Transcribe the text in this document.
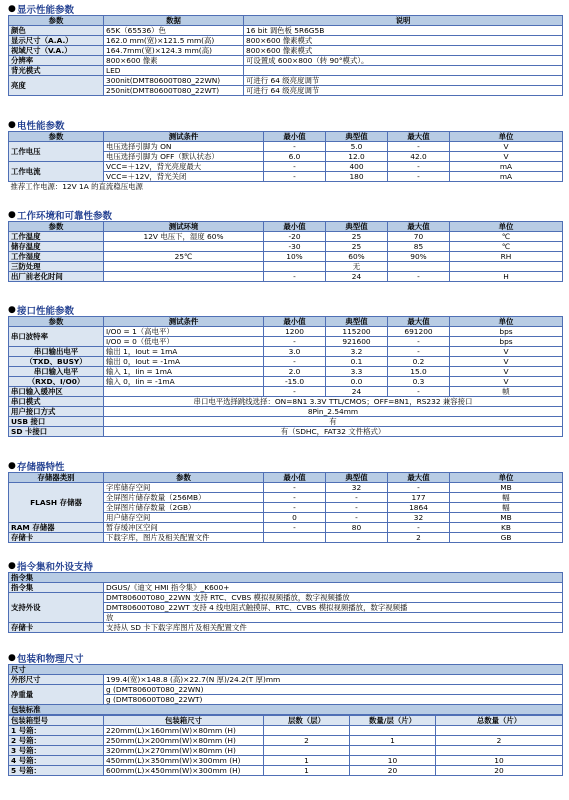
● 显示性能参数
参数	数据	说明
颜色	65K（65536）色	16 bit 调色板 5R6G5B
显示尺寸（A.A.）	162.0 mm(宽)×121.5 mm(高)	800×600 像素模式
视域尺寸（V.A.）	164.7mm(宽)×124.3 mm(高)	800×600 像素模式
分辨率	800×600 像素	可设置成 600×800（转 90°模式）。
背光模式	LED	
亮度	300nit(DMT80600T080_22WN)	可进行 64 级亮度调节
	250nit(DMT80600T080_22WT)	可进行 64 级亮度调节
● 电性能参数
参数	测试条件	最小值	典型值	最大值	单位
工作电压	电压选择引脚为 ON	-	5.0	-	V
	电压选择引脚为 OFF（默认状态）	6.0	12.0	42.0	V
工作电流	VCC=＋12V，背光亮度最大	-	400	-	mA
	VCC=＋12V，背光关闭	-	180	-	mA
推荐工作电源：12V 1A 的直流稳压电源					
● 工作环境和可靠性参数
参数	测试环境	最小值	典型值	最大值	单位
工作温度	12V 电压下，湿度 60%	-20	25	70	℃
储存温度		-30	25	85	℃
工作湿度	25℃	10%	60%	90%	RH
三防处理			无		
出厂前老化时间		-	24	-	H
● 接口性能参数
参数	测试条件	最小值	典型值	最大值	单位
串口波特率	I/O0 = 1（高电平）	1200	115200	691200	bps
	I/O0 = 0（低电平）	-	921600	-	bps
串口输出电平	输出 1，Iout = 1mA	3.0	3.2	-	V
（TXD、BUSY）	输出 0，Iout = -1mA	-	0.1	0.2	V
串口输入电平	输入 1，Iin = 1mA	2.0	3.3	15.0	V
（RXD、I/O0）	输入 0，Iin = -1mA	-15.0	0.0	0.3	V
串口输入缓冲区		-	24	-	帧
串口模式	串口电平选择跳线选择：ON=8N1 3.3V TTL/CMOS；OFF=8N1，RS232 兼容接口				
用户接口方式	8Pin_2.54mm				
USB 接口	有				
SD 卡接口	有（SDHC，FAT32 文件格式）				
● 存储器特性
存储器类别	参数	最小值	典型值	最大值	单位
FLASH 存储器	字库储存空间	-	32	-	MB
	全屏图片储存数量（256MB）	-	-	177	幅
	全屏图片储存数量（2GB）	-	-	1864	幅
	用户储存空间	0	-	32	MB
RAM 存储器	暂存缓冲区空间	-	80	-	KB
存储卡	下载字库，图片及相关配置文件			2	GB
● 指令集和外设支持
指令集	
指令集	DGUS/《迪文 HMI 指令集》_K600+
支持外设	DMT80600T080_22WN 支持 RTC、CVBS 模拟视频播放，数字视频播放
	DMT80600T080_22WT 支持 4 线电阻式触摸屏、RTC、CVBS 模拟视频播放，数字视频播
	放
存储卡	支持从 SD 卡下载字库图片及相关配置文件
● 包装和物理尺寸
尺寸	
外形尺寸	199.4(宽)×148.8 (高)×22.7(N 厚)/24.2(T 厚)mm
净重量	g (DMT80600T080_22WN)
	g (DMT80600T080_22WT)
包装标准	
包装箱型号	包装箱尺寸	层数（层）	数量/层（片）	总数量（片）
1 号箱：	220mm(L)×160mm(W)×80mm (H)			
2 号箱：	250mm(L)×200mm(W)×80mm (H)	2	1	2
3 号箱：	320mm(L)×270mm(W)×80mm (H)			
4 号箱：	450mm(L)×350mm(W)×300mm (H)	1	10	10
5 号箱：	600mm(L)×450mm(W)×300mm (H)	1	20	20
